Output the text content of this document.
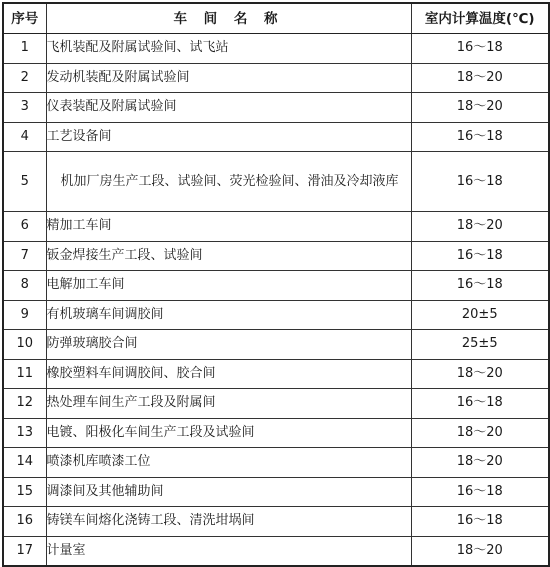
序号	车 间 名 称	室内计算温度(℃)
1	飞机装配及附属试验间、试飞站	16～18
2	发动机装配及附属试验间	18～20
3	仪表装配及附属试验间	18～20
4	工艺设备间	16～18
5	机加厂房生产工段、试验间、荧光检验间、滑油及冷却液库	16～18
6	精加工车间	18～20
7	钣金焊接生产工段、试验间	16～18
8	电解加工车间	16～18
9	有机玻璃车间调胶间	20±5
10	防弹玻璃胶合间	25±5
11	橡胶塑料车间调胶间、胶合间	18～20
12	热处理车间生产工段及附属间	16～18
13	电镀、阳极化车间生产工段及试验间	18～20
14	喷漆机库喷漆工位	18～20
15	调漆间及其他辅助间	16～18
16	铸镁车间熔化浇铸工段、清洗坩埚间	16～18
17	计量室	18～20
